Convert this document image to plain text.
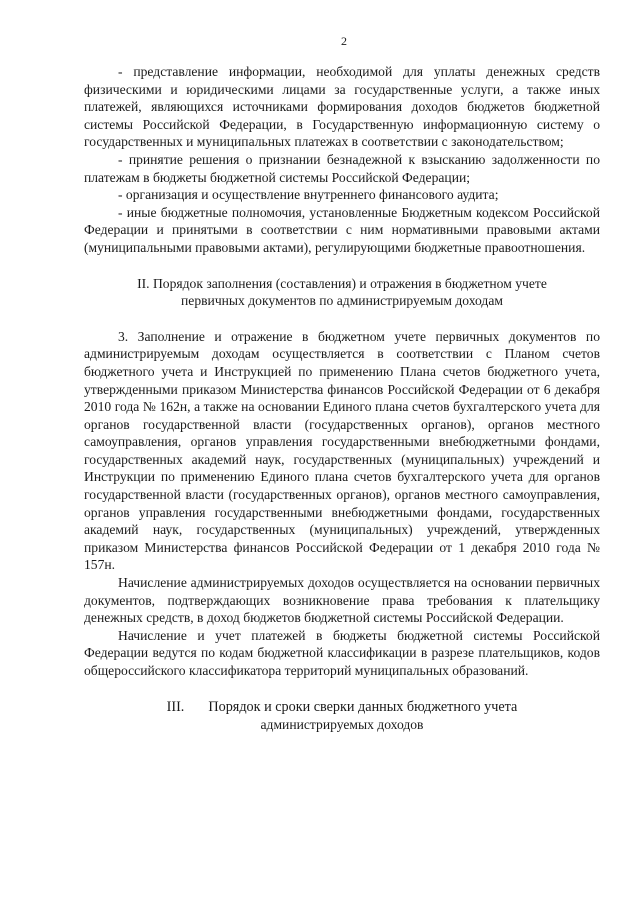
2

- представление информации, необходимой для уплаты денежных средств физическими и юридическими лицами за государственные услуги, а также иных платежей, являющихся источниками формирования доходов бюджетов бюджетной системы Российской Федерации, в Государственную информационную систему о государственных и муниципальных платежах в соответствии с законодательством;

- принятие решения о признании безнадежной к взысканию задолженности по платежам в бюджеты бюджетной системы Российской Федерации;

- организация и осуществление внутреннего финансового аудита;

- иные бюджетные полномочия, установленные Бюджетным кодексом Российской Федерации и принятыми в соответствии с ним нормативными правовыми актами (муниципальными правовыми актами), регулирующими бюджетные правоотношения.

II. Порядок заполнения (составления) и отражения в бюджетном учете

первичных документов по администрируемым доходам

3. Заполнение и отражение в бюджетном учете первичных документов по администрируемым доходам осуществляется в соответствии с Планом счетов бюджетного учета и Инструкцией по применению Плана счетов бюджетного учета, утвержденными приказом Министерства финансов Российской Федерации от 6 декабря 2010 года № 162н, а также на основании Единого плана счетов бухгалтерского учета для органов государственной власти (государственных органов), органов местного самоуправления, органов управления государственными внебюджетными фондами, государственных академий наук, государственных (муниципальных) учреждений и Инструкции по применению Единого плана счетов бухгалтерского учета для органов государственной власти (государственных органов), органов местного самоуправления, органов управления государственными внебюджетными фондами, государственных академий наук, государственных (муниципальных) учреждений, утвержденных приказом Министерства финансов Российской Федерации от 1 декабря 2010 года № 157н.

Начисление администрируемых доходов осуществляется на основании первичных документов, подтверждающих возникновение права требования к плательщику денежных средств, в доход бюджетов бюджетной системы Российской Федерации.

Начисление и учет платежей в бюджеты бюджетной системы Российской Федерации ведутся по кодам бюджетной классификации в разрезе плательщиков, кодов общероссийского классификатора территорий муниципальных образований.

III. Порядок и сроки сверки данных бюджетного учета

администрируемых доходов
